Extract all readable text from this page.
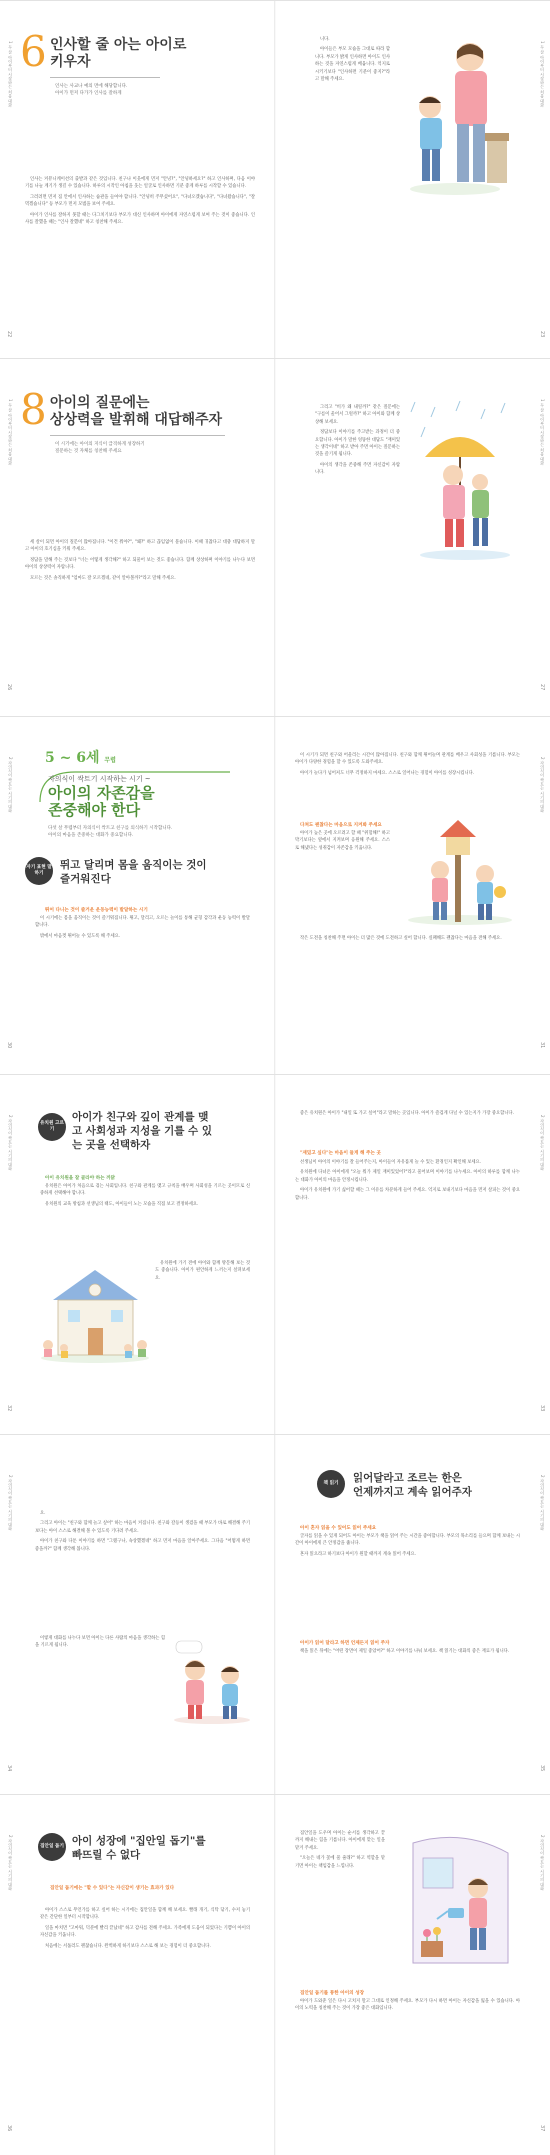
1 두 살 아이부터 시작하는 처음 대화 6 인사할 줄 아는 아이로
키우자
인사는 사교나 예의 면에 해당합니다.
아이가 먼저 다가가 인사를 잘하게

인사는 커뮤니케이션의 출발과 같은 것입니다. 친구나 이웃에게 먼저 "안녕?", "안녕하세요?" 하고 인사하며, 다음 이야기를 나눌 계기가 생길 수 있습니다. 하루의 시작인 아침을 웃는 얼굴로 인사하면 기분 좋게 하루를 시작할 수 있습니다.

그러려면 먼저 집 안에서 인사하는 습관을 들여야 합니다. "안녕히 주무셨어요", "다녀오겠습니다", "다녀왔습니다", "잘 먹겠습니다" 등 부모가 먼저 모범을 보여 주세요.

아이가 인사를 잘하지 못할 때는 다그치기보다 부모가 대신 인사하며 아이에게 자연스럽게 보여 주는 것이 좋습니다. 인사를 잘했을 때는 "인사 잘했네" 하고 칭찬해 주세요.

22

니다.

아이들은 부모 모습을 그대로 따라 합니다. 부모가 밝게 인사하면 아이도 인사하는 것을 자연스럽게 배웁니다. 억지로 시키기보다 "인사하면 기분이 좋지?"라고 말해 주세요.	1 두 살 아이부터 시작하는 처음 대화
23
1 두 살 아이부터 시작하는 처음 대화 8 아이의 질문에는
상상력을 발휘해 대답해주자
이 시기에는 아이의 지식이 급격하게 성장하기
질문하는 것 자체를 칭찬해 주세요

세 살이 되면 아이의 질문이 많아집니다. "이건 뭐야?", "왜?" 하고 끊임없이 묻습니다. 이때 귀찮다고 대충 대답하지 말고 아이의 호기심을 키워 주세요.

정답을 말해 주는 것보다 "너는 어떻게 생각해?" 하고 되물어 보는 것도 좋습니다. 함께 상상하며 이야기를 나누다 보면 아이의 상상력이 자랍니다.

모르는 것은 솔직하게 "엄마도 잘 모르겠네, 같이 알아볼까?"라고 말해 주세요.

26

그리고 "비가 왜 내릴까?" 같은 질문에는 "구름이 울어서 그럴까?" 하고 아이와 함께 상상해 보세요.

정답보다 이야기를 주고받는 과정이 더 중요합니다. 아이가 말한 엉뚱한 대답도 "재미있는 생각이네" 하고 받아 주면 아이는 질문하는 것을 즐기게 됩니다.

아이의 생각을 존중해 주면 자신감이 자랍니다.

1 두 살 아이부터 시작하는 처음 대화
27
2 자의식이 싹트는 시기의 대화 5 ~ 6세 무렵
자의식이 싹트기 시작하는 시기 ~
아이의 자존감을
존중해야 한다
다섯 살 무렵부터 자의식이 싹트고 친구를 의식하기 시작합니다.
아이의 마음을 존중하는 대화가 중요합니다.
자기 표현 말하기
뛰고 달리며 몸을 움직이는 것이
즐거워진다
뛰어 다니는 것이 즐거운 운동능력이 발달하는 시기

이 시기에는 몸을 움직이는 것이 즐거워집니다. 뛰고, 달리고, 오르는 놀이를 통해 균형 감각과 운동 능력이 발달합니다.

밖에서 마음껏 뛰어놀 수 있도록 해 주세요.

30

이 시기가 되면 친구와 어울리는 시간이 많아집니다. 친구와 함께 뛰어놀며 관계를 배우고 사회성을 기릅니다. 부모는 아이가 다양한 경험을 할 수 있도록 도와주세요.

아이가 놀다가 넘어져도 너무 걱정하지 마세요. 스스로 일어나는 경험이 아이를 성장시킵니다.

다쳐도 괜찮다는 마음으로 지켜봐 주세요

아이가 높은 곳에 오르려고 할 때 "위험해!" 하고 막기보다는 옆에서 지켜보며 응원해 주세요. 스스로 해냈다는 성취감이 자존감을 키웁니다.

작은 도전을 칭찬해 주면 아이는 더 많은 것에 도전하고 싶어 합니다. 실패해도 괜찮다는 마음을 전해 주세요.

2 자의식이 싹트는 시기의 대화
31
2 자의식이 싹트는 시기의 대화	유치원 고르기
아이가 친구와 깊이 관계를 맺
고 사회성과 지성을 기를 수 있
는 곳을 선택하자
아이 유치원을 잘 골라야 하는 까닭

유치원은 아이가 처음으로 겪는 사회입니다. 친구와 관계를 맺고 규칙을 배우며 사회성을 기르는 곳이므로 신중하게 선택해야 합니다.

유치원의 교육 방침과 선생님의 태도, 아이들이 노는 모습을 직접 보고 결정하세요.

유치원에 가기 전에 아이와 함께 방문해 보는 것도 좋습니다. 아이가 편안하게 느끼는지 살펴보세요.

32
"재밌고 싶다"는 마음이 들게 해 주는 곳

좋은 유치원은 아이가 "내일 또 가고 싶어"라고 말하는 곳입니다. 아이가 즐겁게 다닐 수 있는지가 가장 중요합니다.

선생님이 아이의 이야기를 잘 들어주는지, 아이들이 자유롭게 놀 수 있는 환경인지 확인해 보세요.

유치원에 다녀온 아이에게 "오늘 뭐가 제일 재미있었어?"라고 물어보며 이야기를 나누세요. 아이의 하루를 함께 나누는 대화가 아이의 마음을 안정시킵니다.

아이가 유치원에 가기 싫어할 때는 그 이유를 차분하게 들어 주세요. 억지로 보내기보다 마음을 먼저 살피는 것이 중요합니다.

2 자의식이 싹트는 시기의 대화
33
2 자의식이 싹트는 시기의 대화	요.

그리고 아이는 "친구와 함께 놀고 싶어" 하는 마음이 커집니다. 친구와 갈등이 생겼을 때 부모가 바로 해결해 주기보다는 아이 스스로 해결해 볼 수 있도록 기다려 주세요.

아이가 친구와 다툰 이야기를 하면 "그랬구나, 속상했겠네" 하고 먼저 마음을 알아주세요. 그다음 "어떻게 하면 좋을까?" 함께 생각해 봅니다.

이렇게 대화를 나누다 보면 아이는 다른 사람의 마음을 생각하는 힘을 기르게 됩니다.

34
책 읽기	읽어달라고 조르는 한은
언제까지고 계속 읽어주자
아이 혼자 읽을 수 있어도 읽어 주세요

글자를 읽을 수 있게 되어도 아이는 부모가 책을 읽어 주는 시간을 좋아합니다. 부모의 목소리를 들으며 함께 보내는 시간이 아이에게 큰 안정감을 줍니다.

혼자 읽으라고 하기보다 아이가 원할 때까지 계속 읽어 주세요.

아이가 읽어 달라고 하면 언제든지 읽어 주자

책을 읽은 뒤에는 "어떤 장면이 제일 좋았어?" 하고 이야기를 나눠 보세요. 책 읽기는 대화의 좋은 재료가 됩니다.

2 자의식이 싹트는 시기의 대화
35
2 자의식이 싹트는 시기의 대화	집안일 돕기 아이 성장에 "집안일 돕기"를
빠뜨릴 수 없다
집안일 돕기에는 "할 수 있다"는 자신감이 생기는 효과가 있다

아이가 스스로 무언가를 하고 싶어 하는 시기에는 집안일을 함께 해 보세요. 빨래 개기, 식탁 닦기, 수저 놓기 같은 간단한 일부터 시작합니다.

일을 마치면 "고마워, 덕분에 빨리 끝났네" 하고 감사를 전해 주세요. 가족에게 도움이 되었다는 기쁨이 아이의 자신감을 키웁니다.

처음에는 서툴러도 괜찮습니다. 완벽하게 하기보다 스스로 해 보는 경험이 더 중요합니다.

36

집안일을 도우며 아이는 순서를 생각하고 끝까지 해내는 힘을 기릅니다. 아이에게 맞는 일을 맡겨 주세요.

"오늘은 네가 꽃에 물 줄래?" 하고 역할을 맡기면 아이는 책임감을 느낍니다.

집안일 돕기를 통한 아이의 성장

아이가 도와준 일은 다시 고치지 말고 그대로 인정해 주세요. 부모가 다시 하면 아이는 자신감을 잃을 수 있습니다. 아이의 노력을 칭찬해 주는 것이 가장 좋은 대화입니다.

2 자의식이 싹트는 시기의 대화
37
